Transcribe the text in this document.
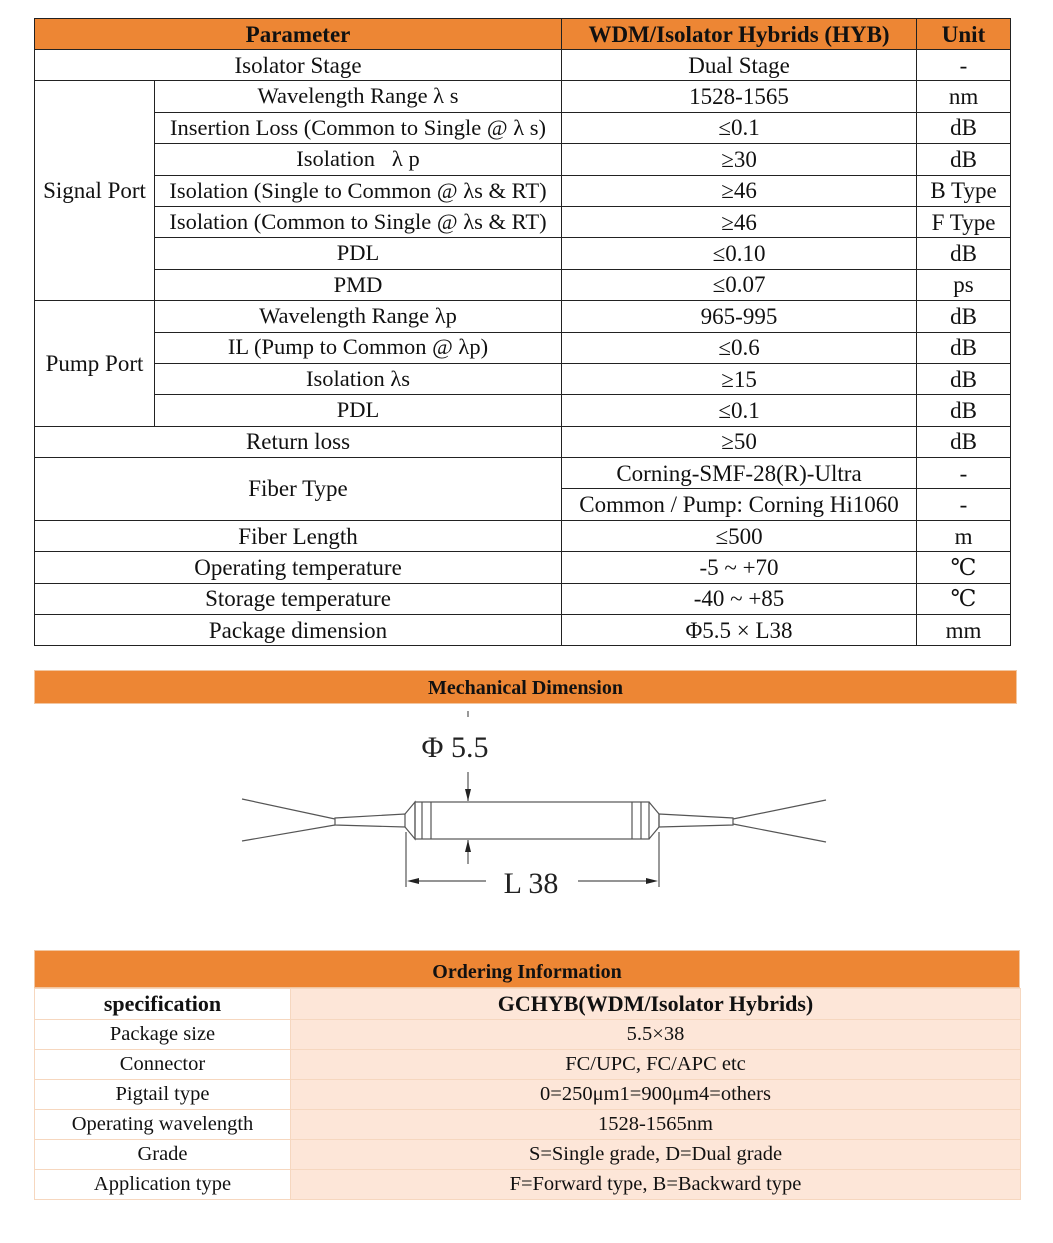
Parameter		WDM/Isolator Hybrids (HYB)	Unit
Isolator Stage		Dual Stage	-
Signal Port	Wavelength Range λ s	1528-1565	nm
	Insertion Loss (Common to Single @ λ s)	≤0.1	dB
	Isolation   λ p	≥30	dB
	Isolation (Single to Common @ λs & RT)	≥46	B Type
	Isolation (Common to Single @ λs & RT)	≥46	F Type
	PDL	≤0.10	dB
	PMD	≤0.07	ps
Pump Port	Wavelength Range λp	965-995	dB
	IL (Pump to Common @ λp)	≤0.6	dB
	Isolation λs	≥15	dB
	PDL	≤0.1	dB
Return loss		≥50	dB
Fiber Type		Corning-SMF-28(R)-Ultra	-
		Common / Pump: Corning Hi1060	-
Fiber Length		≤500	m
Operating temperature		-5 ~ +70	℃
Storage temperature		-40 ~ +85	℃
Package dimension		Φ5.5 × L38	mm
Mechanical Dimension
Φ 5.5
L 38
Ordering Information
specification	GCHYB(WDM/Isolator Hybrids)
Package size	5.5×38
Connector	FC/UPC, FC/APC etc
Pigtail type	0=250μm1=900μm4=others
Operating wavelength	1528-1565nm
Grade	S=Single grade, D=Dual grade
Application type	F=Forward type, B=Backward type
